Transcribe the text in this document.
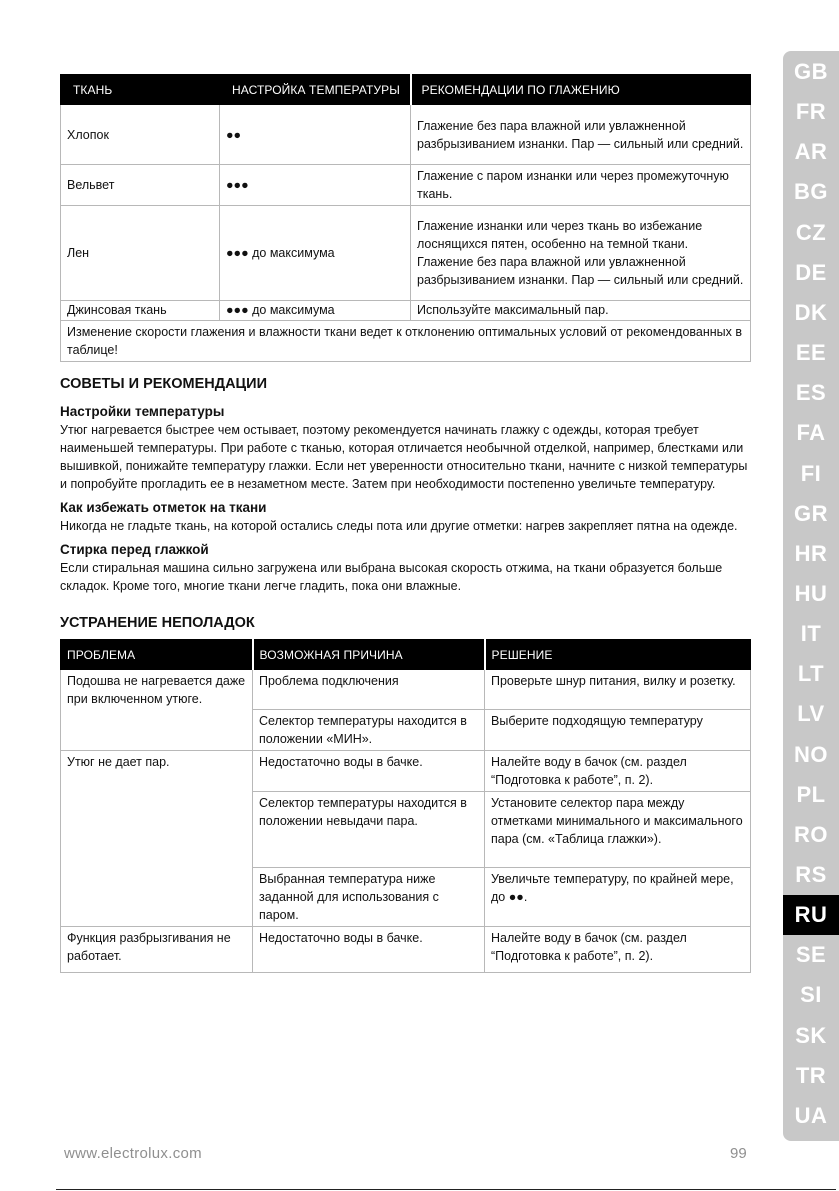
ТКАНЬ	НАСТРОЙКА ТЕМПЕРАТУРЫ	РЕКОМЕНДАЦИИ ПО ГЛАЖЕНИЮ
Хлопок	●●	Глажение без пара влажной или увлажненной разбрызиванием изнанки. Пар — сильный или средний.
Вельвет	●●●	Глажение с паром изнанки или через промежуточную ткань.
Лен	●●● до максимума	Глажение изнанки или через ткань во избежание лоснящихся пятен, особенно на темной ткани. Глажение без пара влажной или увлажненной разбрызиванием изнанки. Пар — сильный или средний.
Джинсовая ткань	●●● до максимума	Используйте максимальный пар.
Изменение скорости глажения и влажности ткани ведет к отклонению оптимальных условий от рекомендованных в таблице!		
СОВЕТЫ И РЕКОМЕНДАЦИИ
Настройки температуры

Утюг нагревается быстрее чем остывает, поэтому рекомендуется начинать глажку с одежды, которая требует наименьшей температуры. При работе с тканью, которая отличается необычной отделкой, например, блестками или вышивкой, понижайте температуру глажки. Если нет уверенности относительно ткани, начните с низкой температуры и попробуйте прогладить ее в незаметном месте. Затем при необходимости постепенно увеличьте температуру.

Как избежать отметок на ткани

Никогда не гладьте ткань, на которой остались следы пота или другие отметки: нагрев закрепляет пятна на одежде.

Стирка перед глажкой

Если стиральная машина сильно загружена или выбрана высокая скорость отжима, на ткани образуется больше складок. Кроме того, многие ткани легче гладить, пока они влажные.

УСТРАНЕНИЕ НЕПОЛАДОК
ПРОБЛЕМА	ВОЗМОЖНАЯ ПРИЧИНА	РЕШЕНИЕ
Подошва не нагревается даже при включенном утюге.	Проблема подключения	Проверьте шнур питания, вилку и розетку.
	Селектор температуры находится в положении «МИН».	Выберите подходящую температуру
Утюг не дает пар.	Недостаточно воды в бачке.	Налейте воду в бачок (см. раздел “Подготовка к работе”, п. 2).
	Селектор температуры находится в положении невыдачи пара.	Установите селектор пара между отметками минимального и максимального пара (см. «Таблица глажки»).
	Выбранная температура ниже заданной для использования с паром.	Увеличьте температуру, по крайней мере, до ●●.
Функция разбрызгивания не работает.	Недостаточно воды в бачке.	Налейте воду в бачок (см. раздел “Подготовка к работе”, п. 2).
GB
FR
AR
BG
CZ
DE
DK
EE
ES
FA
FI
GR
HR
HU
IT
LT
LV
NO
PL
RO
RS
RU
SE
SI
SK
TR
UA
www.electrolux.com	99
